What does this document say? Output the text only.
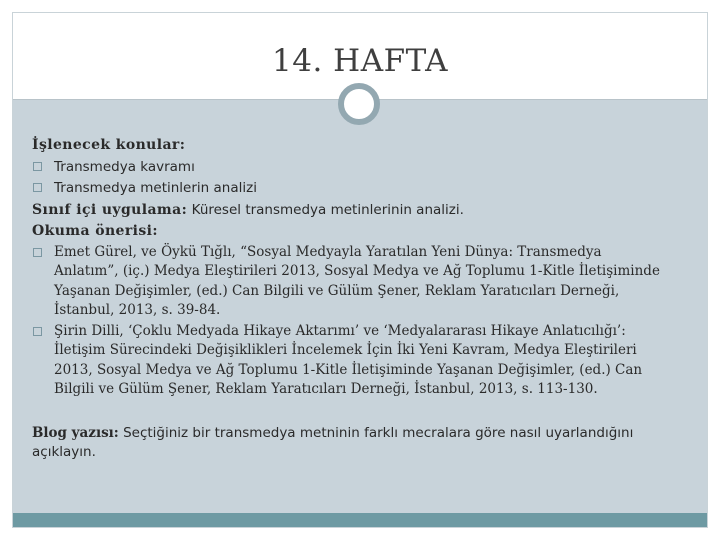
14. HAFTA
İşlenecek konular:
Transmedya kavramı
Transmedya metinlerin analizi
Sınıf içi uygulama: Küresel transmedya metinlerinin analizi.
Okuma önerisi:
Emet Gürel, ve Öykü Tığlı, “Sosyal Medyayla Yaratılan Yeni Dünya: Transmedya
Anlatım”, (iç.) Medya Eleştirileri 2013, Sosyal Medya ve Ağ Toplumu 1-Kitle İletişiminde
Yaşanan Değişimler, (ed.) Can Bilgili ve Gülüm Şener, Reklam Yaratıcıları Derneği,
İstanbul, 2013, s. 39-84.
Şirin Dilli, ‘Çoklu Medyada Hikaye Aktarımı’ ve ‘Medyalararası Hikaye Anlatıcılığı’:
İletişim Sürecindeki Değişiklikleri İncelemek İçin İki Yeni Kavram, Medya Eleştirileri
2013, Sosyal Medya ve Ağ Toplumu 1-Kitle İletişiminde Yaşanan Değişimler, (ed.) Can
Bilgili ve Gülüm Şener, Reklam Yaratıcıları Derneği, İstanbul, 2013, s. 113-130.
Blog yazısı: Seçtiğiniz bir transmedya metninin farklı mecralara göre nasıl uyarlandığını
açıklayın.
